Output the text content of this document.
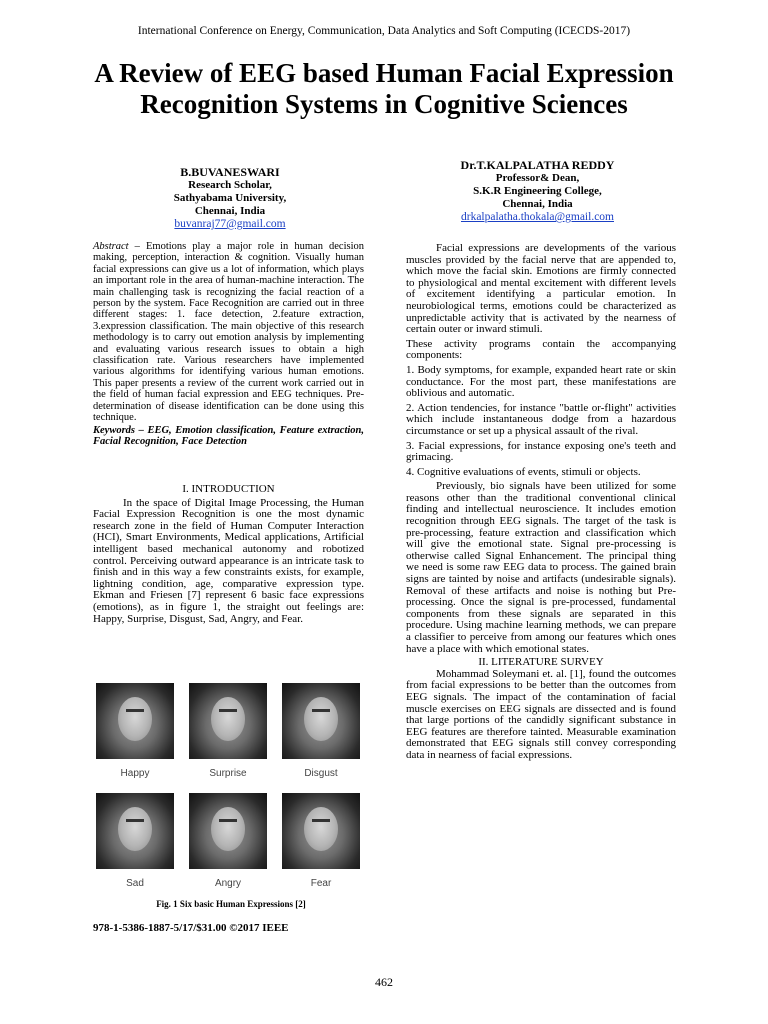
International Conference on Energy, Communication, Data Analytics and Soft Computing (ICECDS-2017)
A Review of EEG based Human Facial Expression Recognition Systems in Cognitive Sciences
B.BUVANESWARI
Research Scholar,
Sathyabama University,
Chennai, India
buvanraj77@gmail.com
Dr.T.KALPALATHA REDDY
Professor& Dean,
S.K.R Engineering College,
Chennai, India
drkalpalatha.thokala@gmail.com

Abstract – Emotions play a major role in human decision making, perception, interaction & cognition. Visually human facial expressions can give us a lot of information, which plays an important role in the area of human-machine interaction. The main challenging task is recognizing the facial reaction of a person by the system. Face Recognition are carried out in three different stages: 1. face detection, 2.feature extraction, 3.expression classification. The main objective of this research methodology is to carry out emotion analysis by implementing and evaluating various research issues to obtain a high classification rate. Various researchers have implemented various algorithms for identifying various human emotions. This paper presents a review of the current work carried out in the field of human facial expression and EEG techniques. Pre-determination of disease identification can be done using this technique.

Keywords – EEG, Emotion classification, Feature extraction, Facial Recognition, Face Detection

I. INTRODUCTION

In the space of Digital Image Processing, the Human Facial Expression Recognition is one the most dynamic research zone in the field of Human Computer Interaction (HCI), Smart Environments, Medical applications, Artificial intelligent based mechanical autonomy and robotized control. Perceiving outward appearance is an intricate task to finish and in this way a few constraints exists, for example, lightning condition, age, comparative expression type. Ekman and Friesen [7] represent 6 basic face expressions (emotions), as in figure 1, the straight out feelings are: Happy, Surprise, Disgust, Sad, Angry, and Fear.

Happy	Surprise	Disgust
Sad	Angry	Fear
Fig. 1 Six basic Human Expressions [2]
978-1-5386-1887-5/17/$31.00 ©2017 IEEE

Facial expressions are developments of the various muscles provided by the facial nerve that are appended to, which move the facial skin. Emotions are firmly connected to physiological and mental excitement with different levels of excitement identifying a particular emotion. In neurobiological terms, emotions could be characterized as unpredictable activity that is activated by the nearness of certain outer or inward stimuli.

These activity programs contain the accompanying components:

1. Body symptoms, for example, expanded heart rate or skin conductance. For the most part, these manifestations are oblivious and automatic.

2. Action tendencies, for instance "battle or-flight" activities which include instantaneous dodge from a hazardous circumstance or set up a physical assault of the rival.

3. Facial expressions, for instance exposing one's teeth and grimacing.

4. Cognitive evaluations of events, stimuli or objects.

Previously, bio signals have been utilized for some reasons other than the traditional conventional clinical finding and intellectual neuroscience. It includes emotion recognition through EEG signals. The target of the task is pre-processing, feature extraction and classification which will give the emotional state. Signal pre-processing is otherwise called Signal Enhancement. The principal thing we need is some raw EEG data to process. The gained brain signs are tainted by noise and artifacts (undesirable signals). Removal of these artifacts and noise is nothing but Pre-processing. Once the signal is pre-processed, fundamental components from these signals are separated in this procedure. Using machine learning methods, we can prepare a classifier to perceive from among our features which ones have a place with which emotional states.

II. LITERATURE SURVEY

Mohammad Soleymani et. al. [1], found the outcomes from facial expressions to be better than the outcomes from EEG signals. The impact of the contamination of facial muscle exercises on EEG signals are dissected and is found that large portions of the candidly significant substance in EEG features are therefore tainted. Measurable examination demonstrated that EEG signals still convey corresponding data in nearness of facial expressions.

462
